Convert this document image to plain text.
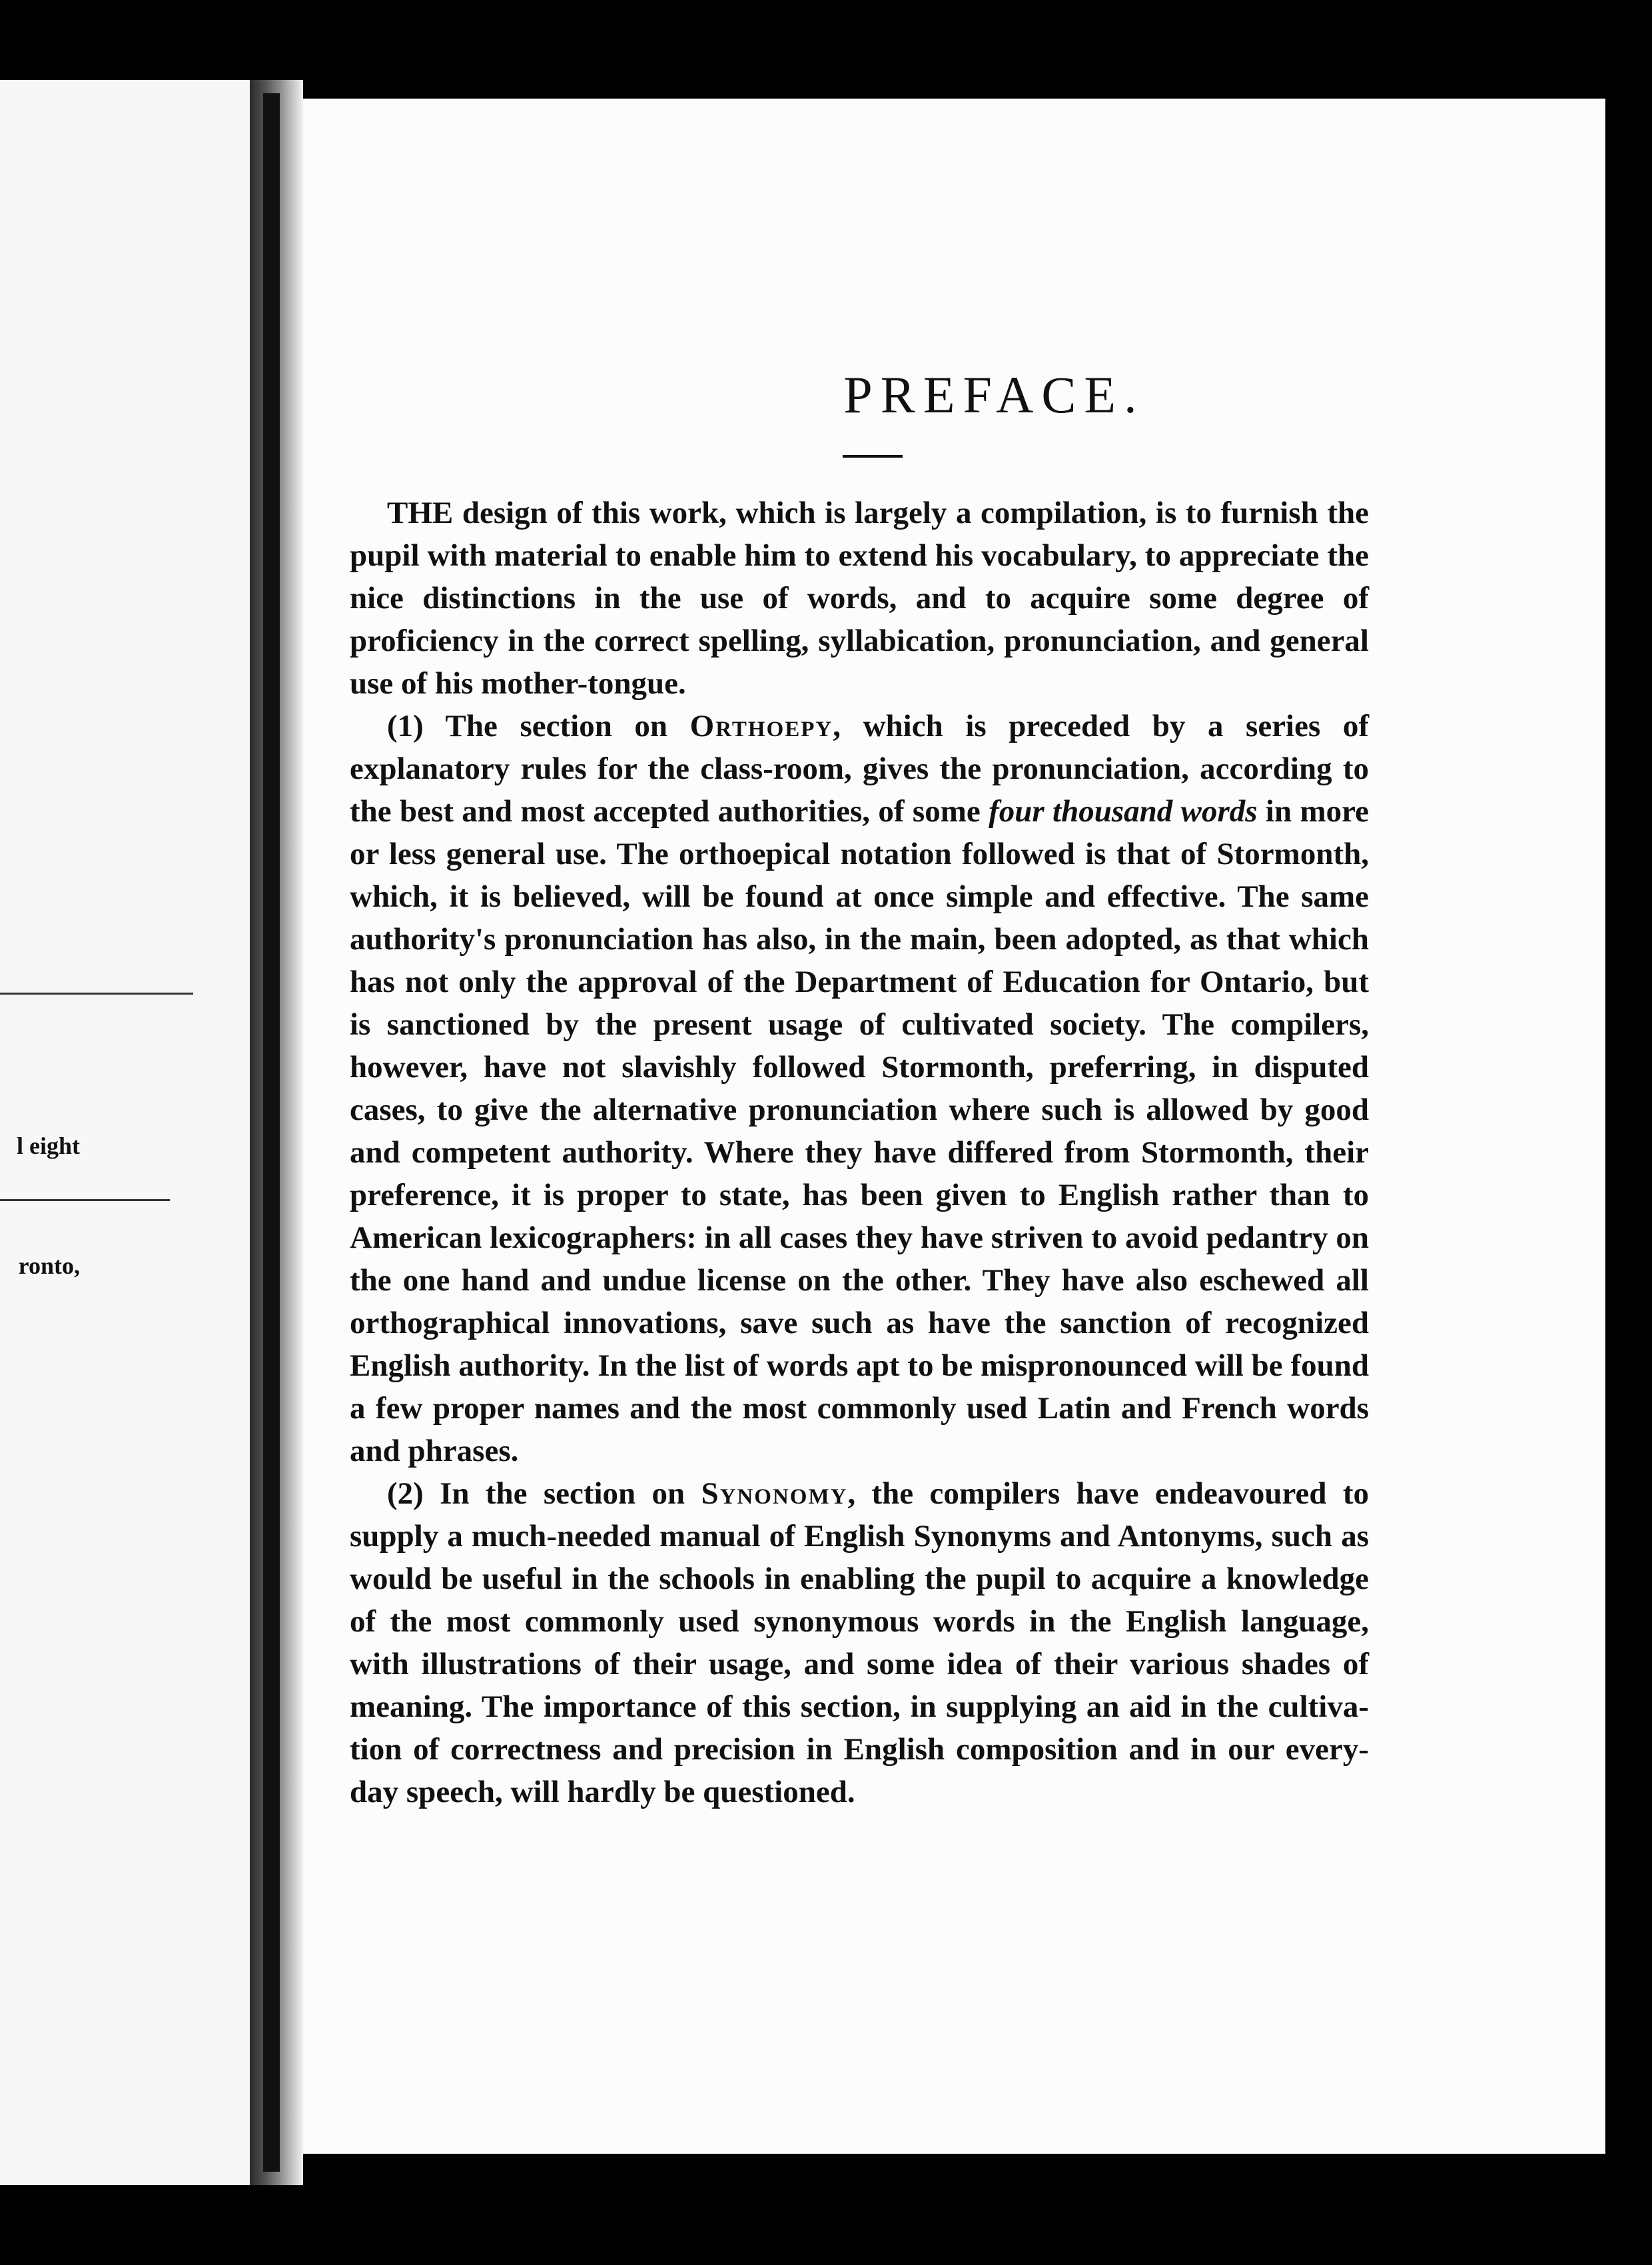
l eight

ronto,

PREFACE.

THE design of this work, which is largely a compilation, is to furnish the pupil with material to enable him to extend his vocabulary, to appreciate the nice distinctions in the use of words, and to acquire some degree of proficiency in the correct spelling, syllabication, pronunciation, and general use of his mother-tongue.

(1) The section on Orthoepy, which is preceded by a series of explanatory rules for the class-room, gives the pronunciation, according to the best and most accepted authorities, of some four thousand words in more or less general use. The orthoepical notation followed is that of Stormonth, which, it is believed, will be found at once simple and effective. The same authority's pronunciation has also, in the main, been adopted, as that which has not only the approval of the Department of Education for Ontario, but is sanctioned by the present usage of cultivated society. The compilers, however, have not slavishly followed Stormonth, preferring, in disputed cases, to give the alternative pronunciation where such is allowed by good and competent authority. Where they have differed from Stormonth, their preference, it is proper to state, has been given to English rather than to American lexicographers: in all cases they have striven to avoid pedantry on the one hand and undue license on the other. They have also eschewed all orthographical innovations, save such as have the sanction of recognized English authority. In the list of words apt to be mispronounced will be found a few proper names and the most commonly used Latin and French words and phrases.

(2) In the section on Synonomy, the compilers have endeavoured to supply a much-needed manual of English Synonyms and Antonyms, such as would be useful in the schools in enabling the pupil to acquire a knowledge of the most commonly used synonymous words in the English language, with illustrations of their usage, and some idea of their various shades of meaning. The importance of this section, in supplying an aid in the cultivation of correctness and precision in English composition and in our every-day speech, will hardly be questioned.
